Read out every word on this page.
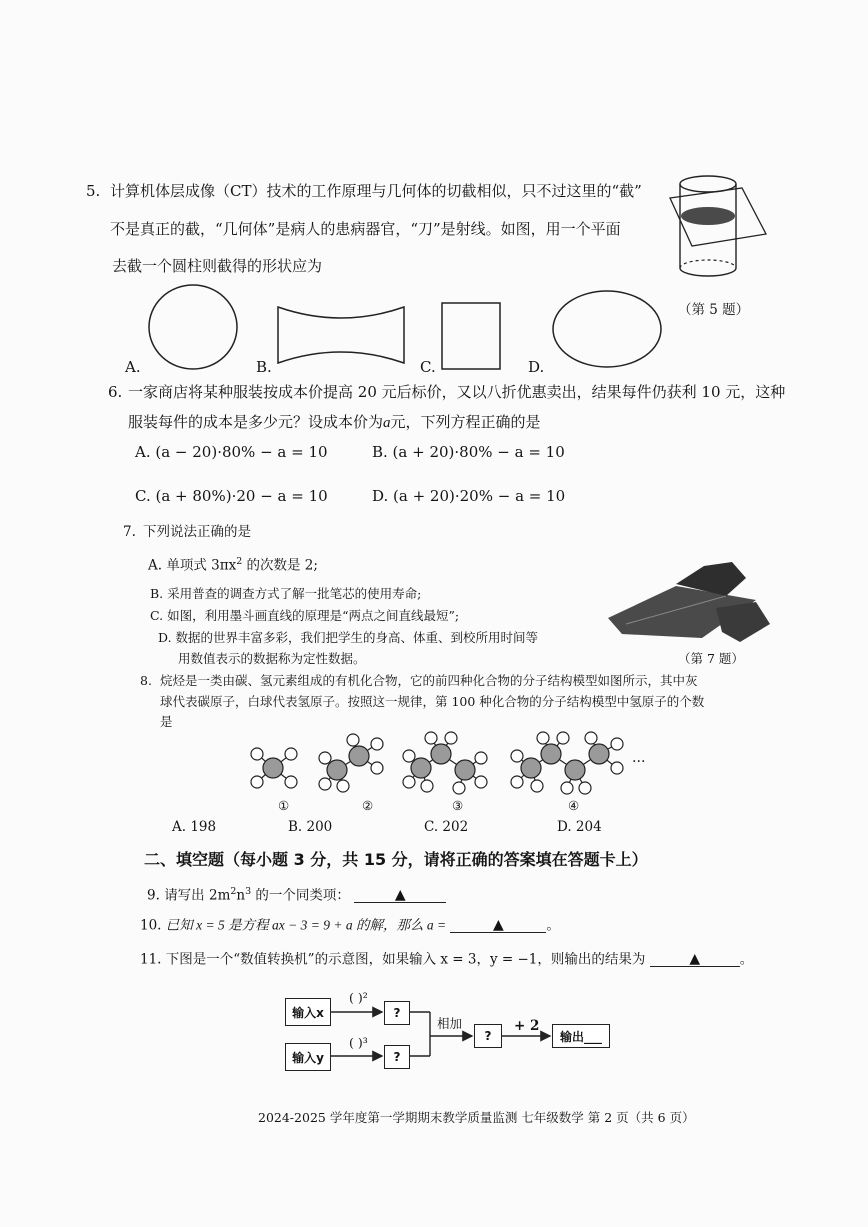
5. 计算机体层成像（CT）技术的工作原理与几何体的切截相似，只不过这里的“截”
不是真正的截，“几何体”是病人的患病器官，“刀”是射线。如图，用一个平面
去截一个圆柱则截得的形状应为
（第 5 题）
A.	B.	C.	D.
6. 一家商店将某种服装按成本价提高 20 元后标价，又以八折优惠卖出，结果每件仍获利 10 元，这种
服装每件的成本是多少元？设成本价为a元，下列方程正确的是
A. (a − 20)·80% − a = 10	B. (a + 20)·80% − a = 10
C. (a + 80%)·20 − a = 10	D. (a + 20)·20% − a = 10
7. 下列说法正确的是
A. 单项式 $3\pi x^2$ 的次数是 2;
B. 采用普查的调查方式了解一批笔芯的使用寿命;
C. 如图，利用墨斗画直线的原理是“两点之间直线最短”;
D. 数据的世界丰富多彩，我们把学生的身高、体重、到校所用时间等
用数值表示的数据称为定性数据。	（第 7 题）
8. 烷烃是一类由碳、氢元素组成的有机化合物，它的前四种化合物的分子结构模型如图所示，其中灰
球代表碳原子，白球代表氢原子。按照这一规律，第 100 种化合物的分子结构模型中氢原子的个数
是
…
①	②	③	④
A. 198	B. 200	C. 202	D. 204
二、填空题（每小题 3 分，共 15 分，请将正确的答案填在答题卡上）
9. 请写出 $2m^2n^3$ 的一个同类项：	▲
10. 已知 x = 5 是方程 ax − 3 = 9 + a 的解，那么 a =	▲	。
11. 下图是一个“数值转换机”的示意图，如果输入 x = 3，y = −1，则输出的结果为	▲	。
输入x
输入y
( )²
( )³
?
?
相加
?
+ 2
输出___
2024-2025 学年度第一学期期末教学质量监测 七年级数学 第 2 页（共 6 页）
